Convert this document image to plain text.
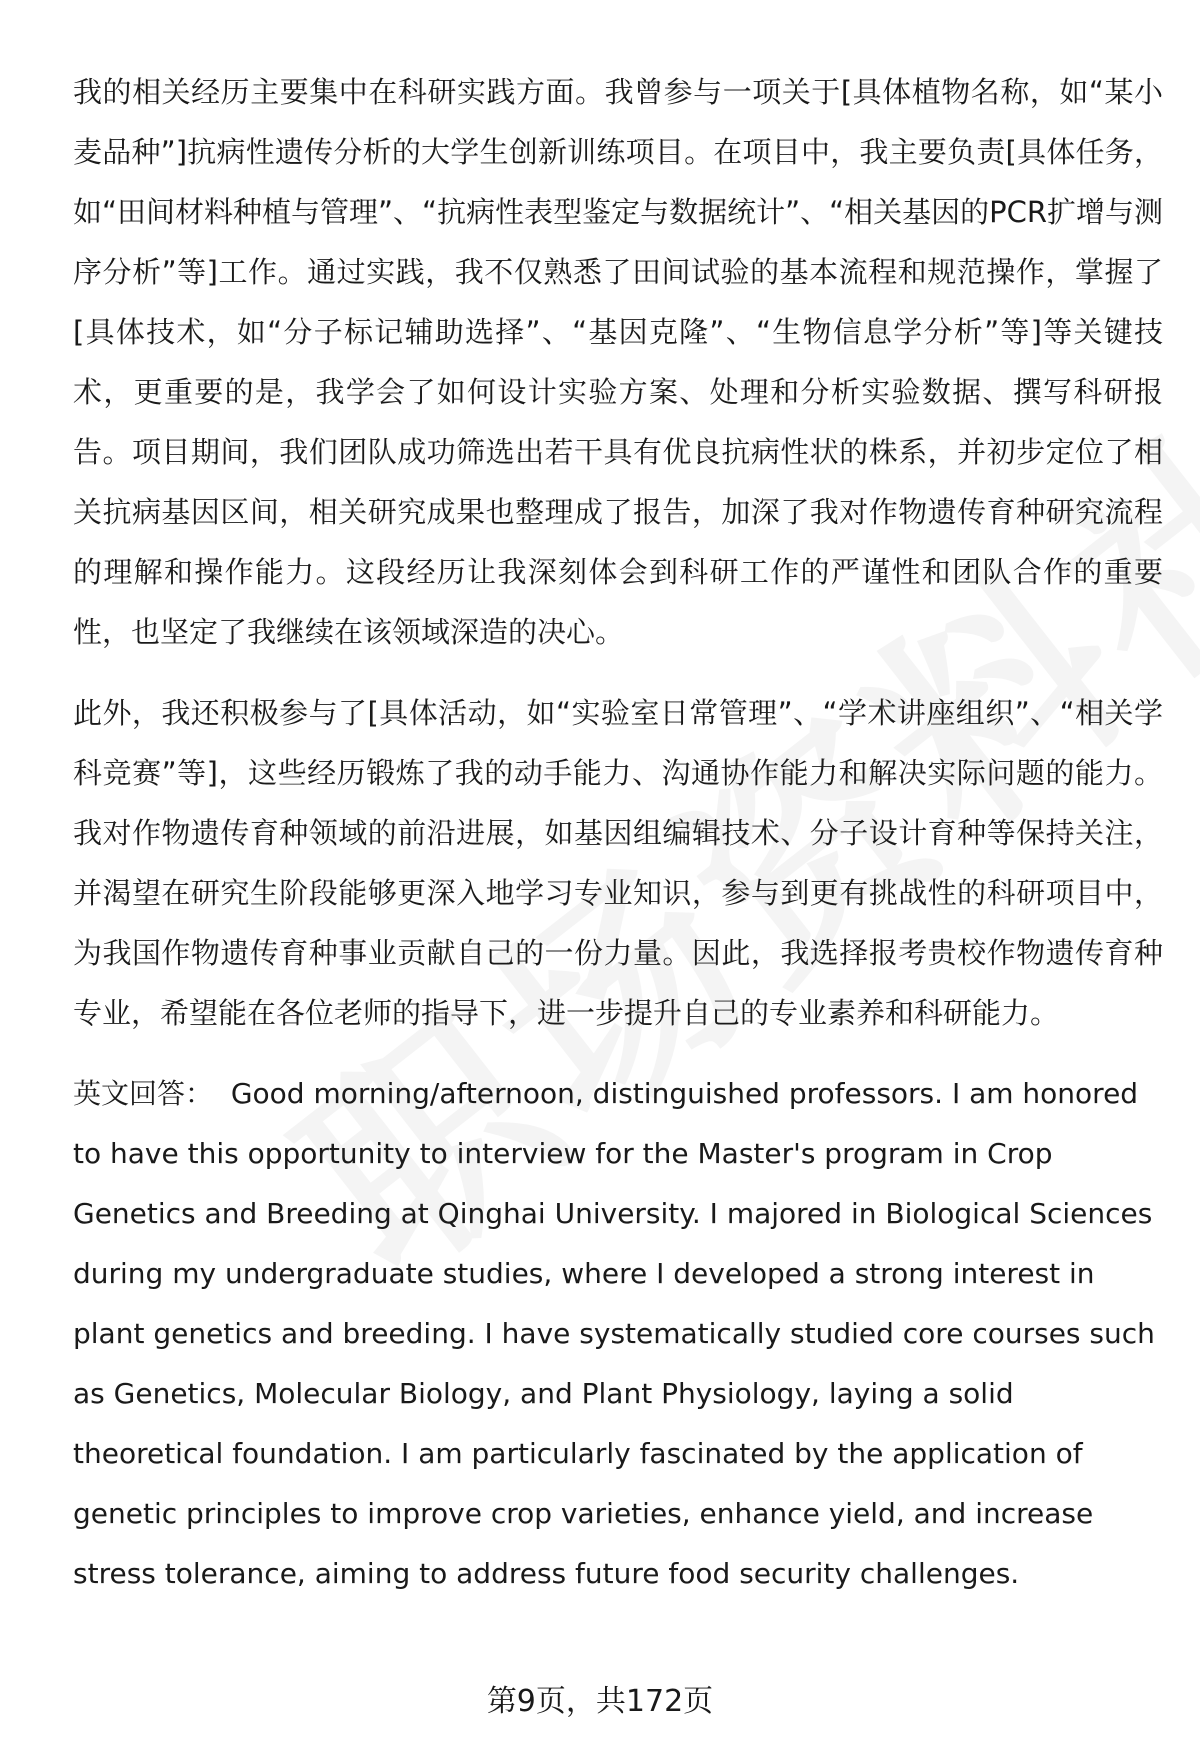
我的相关经历主要集中在科研实践方面。我曾参与一项关于[具体植物名称，如“某小麦品种”]抗病性遗传分析的大学生创新训练项目。在项目中，我主要负责[具体任务，如“田间材料种植与管理”、“抗病性表型鉴定与数据统计”、“相关基因的PCR扩增与测序分析”等]工作。通过实践，我不仅熟悉了田间试验的基本流程和规范操作，掌握了[具体技术，如“分子标记辅助选择”、“基因克隆”、“生物信息学分析”等]等关键技术，更重要的是，我学会了如何设计实验方案、处理和分析实验数据、撰写科研报告。项目期间，我们团队成功筛选出若干具有优良抗病性状的株系，并初步定位了相关抗病基因区间，相关研究成果也整理成了报告，加深了我对作物遗传育种研究流程的理解和操作能力。这段经历让我深刻体会到科研工作的严谨性和团队合作的重要性，也坚定了我继续在该领域深造的决心。

此外，我还积极参与了[具体活动，如“实验室日常管理”、“学术讲座组织”、“相关学科竞赛”等]，这些经历锻炼了我的动手能力、沟通协作能力和解决实际问题的能力。我对作物遗传育种领域的前沿进展，如基因组编辑技术、分子设计育种等保持关注，并渴望在研究生阶段能够更深入地学习专业知识，参与到更有挑战性的科研项目中，为我国作物遗传育种事业贡献自己的一份力量。因此，我选择报考贵校作物遗传育种专业，希望能在各位老师的指导下，进一步提升自己的专业素养和科研能力。

英文回答： Good morning/afternoon, distinguished professors. I am honored to have this opportunity to interview for the Master's program in Crop Genetics and Breeding at Qinghai University. I majored in Biological Sciences during my undergraduate studies, where I developed a strong interest in plant genetics and breeding. I have systematically studied core courses such as Genetics, Molecular Biology, and Plant Physiology, laying a solid theoretical foundation. I am particularly fascinated by the application of genetic principles to improve crop varieties, enhance yield, and increase stress tolerance, aiming to address future food security challenges.

第9页，共172页
